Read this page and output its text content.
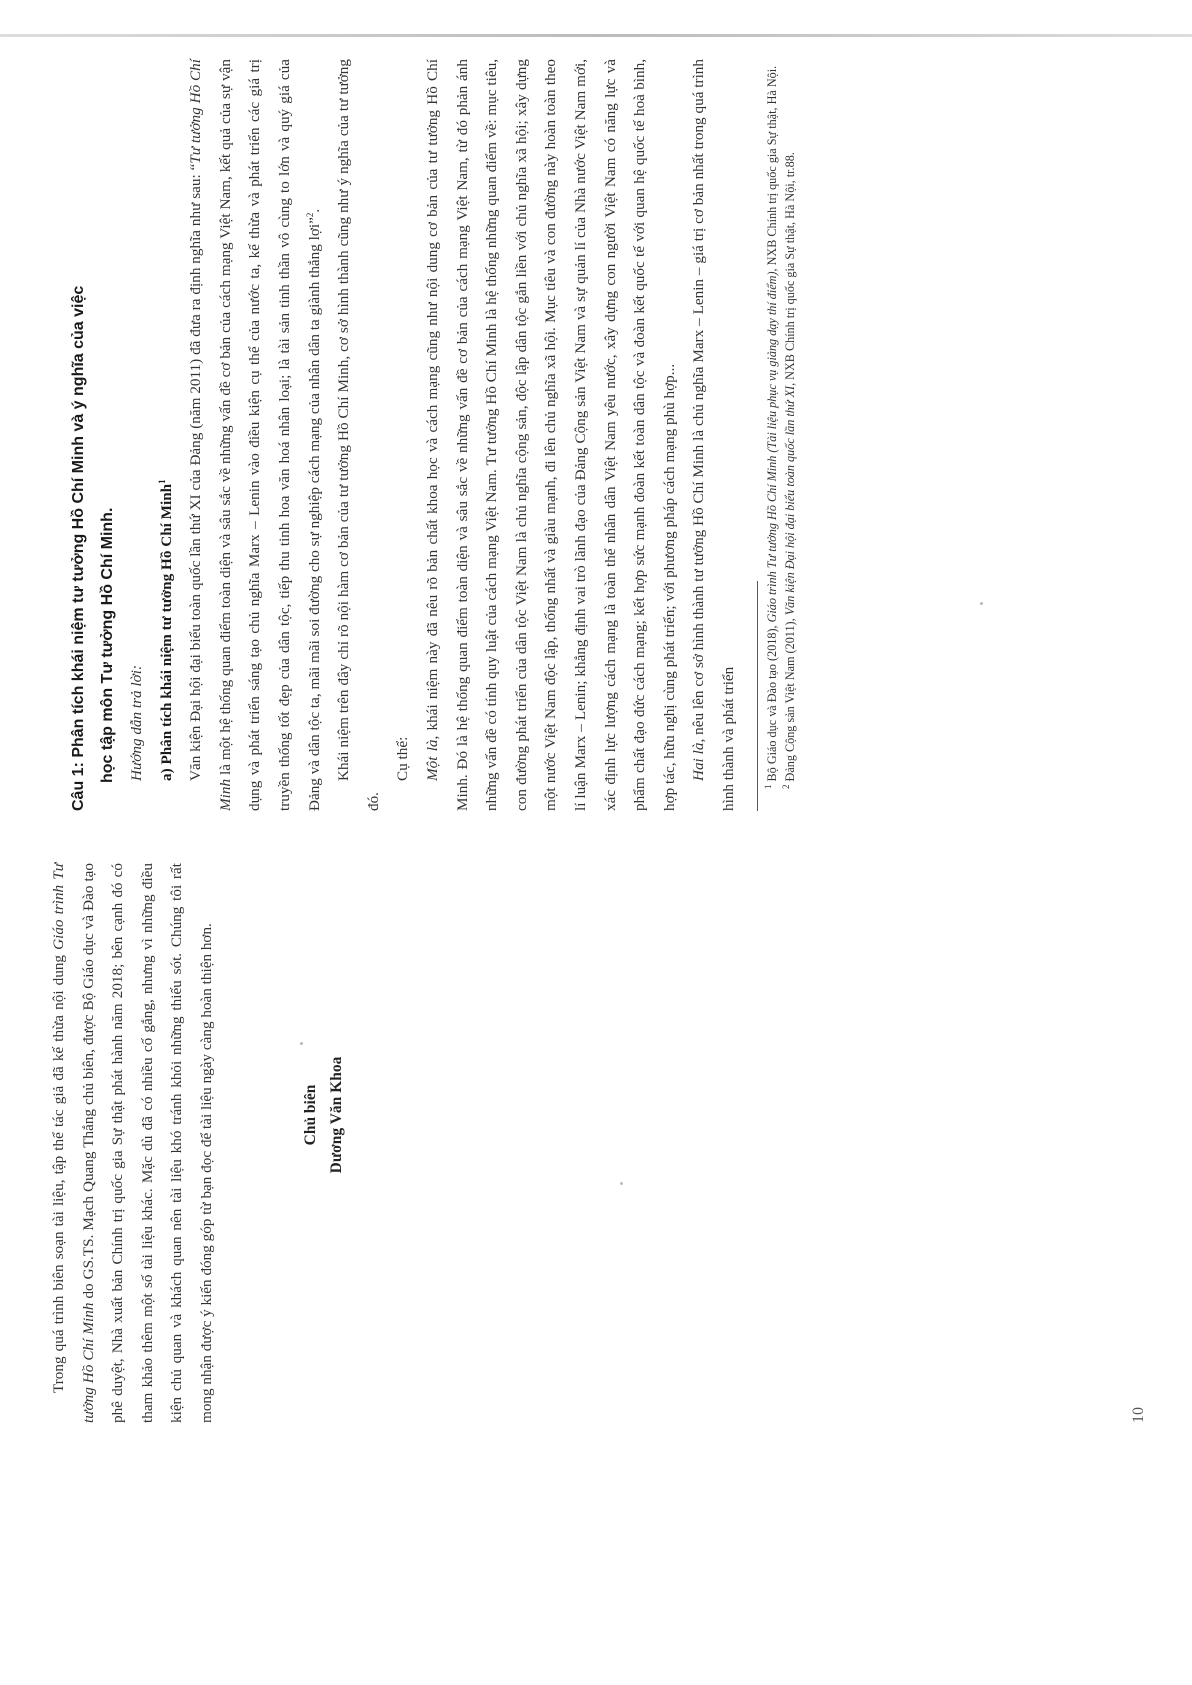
Trong quá trình biên soạn tài liệu, tập thể tác giả đã kế thừa nội dung Giáo trình Tư tưởng Hồ Chí Minh do GS.TS. Mạch Quang Thắng chủ biên, được Bộ Giáo dục và Đào tạo phê duyệt, Nhà xuất bản Chính trị quốc gia Sự thật phát hành năm 2018; bên cạnh đó có tham khảo thêm một số tài liệu khác. Mặc dù đã có nhiều cố gắng, nhưng vì những điều kiện chủ quan và khách quan nên tài liệu khó tránh khỏi những thiếu sót. Chúng tôi rất mong nhận được ý kiến đóng góp từ bạn đọc để tài liệu ngày càng hoàn thiện hơn.	Chủ biên Dương Văn Khoa
10

Câu 1: Phân tích khái niệm tư tưởng Hồ Chí Minh và ý nghĩa của việc học tập môn Tư tưởng Hồ Chí Minh. Hướng dẫn trả lời: a) Phân tích khái niệm tư tưởng Hồ Chí Minh$^1$	Văn kiện Đại hội đại biểu toàn quốc lần thứ XI của Đảng (năm 2011) đã đưa ra định nghĩa như sau: “Tư tưởng Hồ Chí Minh là một hệ thống quan điểm toàn diện và sâu sắc về những vấn đề cơ bản của cách mạng Việt Nam, kết quả của sự vận dụng và phát triển sáng tạo chủ nghĩa Marx – Lenin vào điều kiện cụ thể của nước ta, kế thừa và phát triển các giá trị truyền thống tốt đẹp của dân tộc, tiếp thu tinh hoa văn hoá nhân loại; là tài sản tinh thần vô cùng to lớn và quý giá của Đảng và dân tộc ta, mãi mãi soi đường cho sự nghiệp cách mạng của nhân dân ta giành thắng lợi”$^2$. Khái niệm trên đây chỉ rõ nội hàm cơ bản của tư tưởng Hồ Chí Minh, cơ sở hình thành cũng như ý nghĩa của tư tưởng đó.

Cụ thể: Một là, khái niệm này đã nêu rõ bản chất khoa học và cách mạng cũng như nội dung cơ bản của tư tưởng Hồ Chí Minh. Đó là hệ thống quan điểm toàn diện và sâu sắc về những vấn đề cơ bản của cách mạng Việt Nam, từ đó phản ánh những vấn đề có tính quy luật của cách mạng Việt Nam. Tư tưởng Hồ Chí Minh là hệ thống những quan điểm về: mục tiêu, con đường phát triển của dân tộc Việt Nam là chủ nghĩa cộng sản, độc lập dân tộc gắn liền với chủ nghĩa xã hội; xây dựng một nước Việt Nam độc lập, thống nhất và giàu mạnh, đi lên chủ nghĩa xã hội. Mục tiêu và con đường này hoàn toàn theo lí luận Marx – Lenin; khẳng định vai trò lãnh đạo của Đảng Cộng sản Việt Nam và sự quản lí của Nhà nước Việt Nam mới, xác định lực lượng cách mạng là toàn thể nhân dân Việt Nam yêu nước, xây dựng con người Việt Nam có năng lực và phẩm chất đạo đức cách mạng; kết hợp sức mạnh đoàn kết toàn dân tộc và đoàn kết quốc tế với quan hệ quốc tế hoà bình, hợp tác, hữu nghị cùng phát triển; với phương pháp cách mạng phù hợp... Hai là, nêu lên cơ sở hình thành tư tưởng Hồ Chí Minh là chủ nghĩa Marx – Lenin – giá trị cơ bản nhất trong quá trình hình thành và phát triển	$^1$ Bộ Giáo dục và Đào tạo (2018), Giáo trình Tư tưởng Hồ Chí Minh (Tài liệu phục vụ giảng dạy thí điểm), NXB Chính trị quốc gia Sự thật, Hà Nội.

$^2$ Đảng Cộng sản Việt Nam (2011), Văn kiện Đại hội đại biểu toàn quốc lần thứ XI, NXB Chính trị quốc gia Sự thật, Hà Nội, tr.88.
